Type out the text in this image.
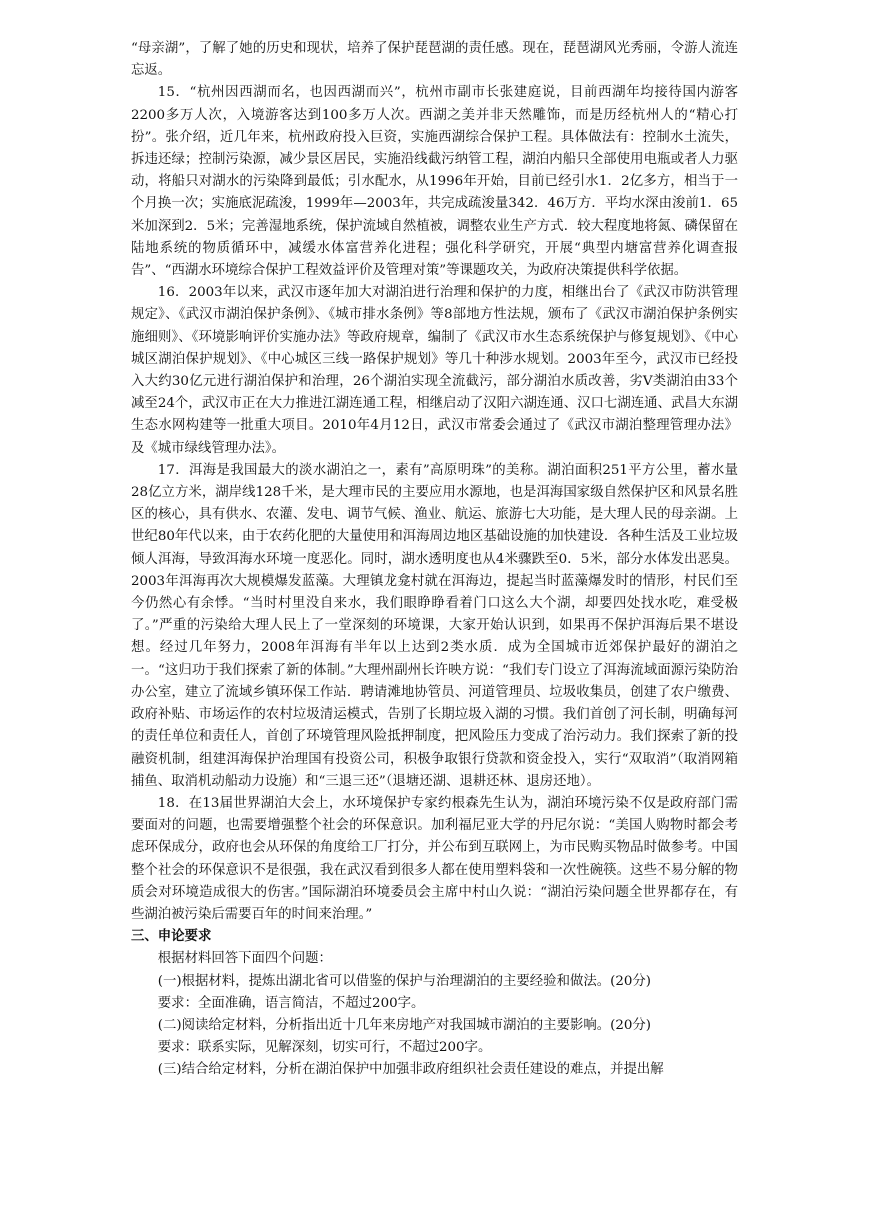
“母亲湖”，了解了她的历史和现状，培养了保护琵琶湖的责任感。现在，琵琶湖风光秀丽，令游人流连忘返。

15．“杭州因西湖而名，也因西湖而兴”，杭州市副市长张建庭说，目前西湖年均接待国内游客2200多万人次，入境游客达到100多万人次。西湖之美并非天然雕饰，而是历经杭州人的“精心打扮”。张介绍，近几年来，杭州政府投入巨资，实施西湖综合保护工程。具体做法有：控制水土流失，拆违还绿；控制污染源，减少景区居民，实施沿线截污纳管工程，湖泊内船只全部使用电瓶或者人力驱动，将船只对湖水的污染降到最低；引水配水，从1996年开始，目前已经引水1．2亿多方，相当于一个月换一次；实施底泥疏浚，1999年—2003年，共完成疏浚量342．46万方．平均水深由浚前1．65米加深到2．5米；完善湿地系统，保护流域自然植被，调整农业生产方式．较大程度地将氮、磷保留在陆地系统的物质循环中，减缓水体富营养化进程；强化科学研究，开展“典型内塘富营养化调查报告”、“西湖水环境综合保护工程效益评价及管理对策”等课题攻关，为政府决策提供科学依据。

16．2003年以来，武汉市逐年加大对湖泊进行治理和保护的力度，相继出台了《武汉市防洪管理规定》、《武汉市湖泊保护条例》、《城市排水条例》等8部地方性法规，颁布了《武汉市湖泊保护条例实施细则》、《环境影响评价实施办法》等政府规章，编制了《武汉市水生态系统保护与修复规划》、《中心城区湖泊保护规划》、《中心城区三线一路保护规划》等几十种涉水规划。2003年至今，武汉市已经投入大约30亿元进行湖泊保护和治理，26个湖泊实现全流截污，部分湖泊水质改善，劣Ⅴ类湖泊由33个减至24个，武汉市正在大力推进江湖连通工程，相继启动了汉阳六湖连通、汉口七湖连通、武昌大东湖生态水网构建等一批重大项目。2010年4月12日，武汉市常委会通过了《武汉市湖泊整理管理办法》及《城市绿线管理办法》。

17．洱海是我国最大的淡水湖泊之一，素有”高原明珠”的美称。湖泊面积251平方公里，蓄水量28亿立方米，湖岸线128千米，是大理市民的主要应用水源地，也是洱海国家级自然保护区和风景名胜区的核心，具有供水、农灌、发电、调节气候、渔业、航运、旅游七大功能，是大理人民的母亲湖。上世纪80年代以来，由于农药化肥的大量使用和洱海周边地区基础设施的加快建设．各种生活及工业垃圾倾人洱海，导致洱海水环境一度恶化。同时，湖水透明度也从4米骤跌至0．5米，部分水体发出恶臭。2003年洱海再次大规模爆发蓝藻。大理镇龙龛村就在洱海边，提起当时蓝藻爆发时的情形，村民们至今仍然心有余悸。“当时村里没自来水，我们眼睁睁看着门口这么大个湖，却要四处找水吃，难受极了。”严重的污染给大理人民上了一堂深刻的环境课，大家开始认识到，如果再不保护洱海后果不堪设想。经过几年努力，2008年洱海有半年以上达到2类水质．成为全国城市近郊保护最好的湖泊之一。“这归功于我们探索了新的体制。”大理州副州长许映方说：“我们专门设立了洱海流域面源污染防治办公室，建立了流域乡镇环保工作站．聘请滩地协管员、河道管理员、垃圾收集员，创建了农户缴费、政府补贴、市场运作的农村垃圾清运模式，告别了长期垃圾入湖的习惯。我们首创了河长制，明确每河的责任单位和责任人，首创了环境管理风险抵押制度，把风险压力变成了治污动力。我们探索了新的投融资机制，组建洱海保护治理国有投资公司，积极争取银行贷款和资金投入，实行“双取消”（取消网箱捕鱼、取消机动船动力设施）和“三退三还”（退塘还湖、退耕还林、退房还地）。

18．在13届世界湖泊大会上，水环境保护专家约根森先生认为，湖泊环境污染不仅是政府部门需要面对的问题，也需要增强整个社会的环保意识。加利福尼亚大学的丹尼尔说：“美国人购物时都会考虑环保成分，政府也会从环保的角度给工厂打分，并公布到互联网上，为市民购买物品时做参考。中国整个社会的环保意识不是很强，我在武汉看到很多人都在使用塑料袋和一次性碗筷。这些不易分解的物质会对环境造成很大的伤害。”国际湖泊环境委员会主席中村山久说：“湖泊污染问题全世界都存在，有些湖泊被污染后需要百年的时间来治理。”

三、申论要求

根据材料回答下面四个问题：

(一)根据材料，提炼出湖北省可以借鉴的保护与治理湖泊的主要经验和做法。(20分)

要求：全面准确，语言简洁，不超过200字。

(二)阅读给定材料，分析指出近十几年来房地产对我国城市湖泊的主要影响。(20分)

要求：联系实际，见解深刻，切实可行，不超过200字。

(三)结合给定材料，分析在湖泊保护中加强非政府组织社会责任建设的难点，并提出解
